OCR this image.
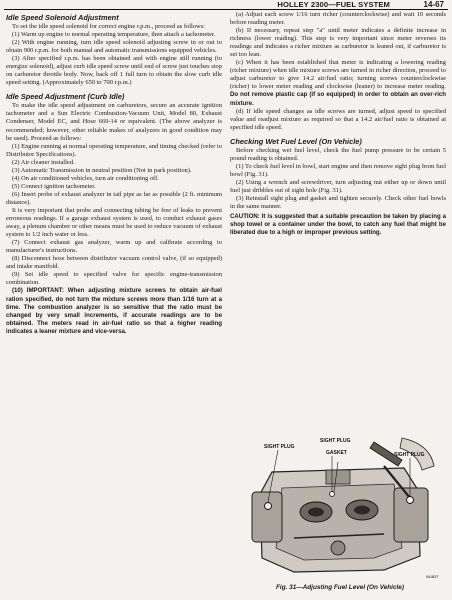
HOLLEY 2300—FUEL SYSTEM	14-67
Idle Speed Solenoid Adjustment

To set the idle speed solenoid for correct engine r.p.m., proceed as follows:

(1) Warm up engine to normal operating temperature, then attach a tachometer.

(2) With engine running, turn idle speed solenoid adjusting screw in or out to obtain 900 r.p.m. for both manual and automatic transmissions equipped vehicles.

(3) After specified r.p.m. has been obtained and with engine still running (to energize solenoid), adjust curb idle speed screw until end of screw just touches stop on carburetor throttle body. Now, back off 1 full turn to obtain the slow curb idle speed setting. (Approximately 650 to 700 r.p.m.)

Idle Speed Adjustment (Curb Idle)

To make the idle speed adjustment on carburetors, secure an accurate ignition tachometer and a Sun Electric Combustion-Vacuum Unit, Model 80, Exhaust Condenser, Model EC, and Hose 669-14 or equivalent. (The above analyzer is recommended; however, other reliable makes of analyzers in good condition may be used). Proceed as follows:

(1) Engine running at normal operating temperature, and timing checked (refer to Distributor Specifications).

(2) Air cleaner installed.

(3) Automatic Transmission in neutral position (Not in park position).

(4) On air conditioned vehicles, turn air conditioning off.

(5) Connect ignition tachometer.

(6) Insert probe of exhaust analyzer in tail pipe as far as possible (2 ft. minimum distance).

It is very important that probe and connecting tubing be free of leaks to prevent erroneous readings. If a garage exhaust system is used, to conduct exhaust gases away, a plenum chamber or other means must be used to reduce vacuum of exhaust system to 1/2 inch water or less.

(7) Connect exhaust gas analyzer, warm up and calibrate according to manufacturer's instructions.

(8) Disconnect hose between distributor vacuum control valve, (if so equipped) and intake manifold.

(9) Set idle speed to specified valve for specific engine-transmission combination.

(10) IMPORTANT: When adjusting mixture screws to obtain air-fuel ration specified, do not turn the mixture screws more than 1/16 turn at a time. The combustion analyzer is so sensitive that the ratio must be changed by very small increments, if accurate readings are to be obtained. The meters read in air-fuel ratio so that a higher reading indicates a leaner mixture and vice-versa.

(a) Adjust each screw 1/16 turn richer (counterclockwise) and wait 10 seconds before reading meter.

(b) If necessary, repeat step "a" until meter indicates a definite increase in richness (lower reading). This step is very important since meter reverses its readings and indicates a richer mixture as carburetor is leaned out, if carburetor is set too lean.

(c) When it has been established that meter is indicating a lowering reading (richer mixture) when idle mixture screws are turned in richer direction, proceed to adjust carburetor to give 14.2 air/fuel ratio; turning screws counterclockwise (richer) to lower meter reading and clockwise (leaner) to increase meter reading. Do not remove plastic cap (if so equipped) in order to obtain an over-rich mixture.

(d) If idle speed changes as idle screws are turned, adjust speed to specified value and readjust mixture as required so that a 14.2 air/fuel ratio is obtained at specified idle speed.

Checking Wet Fuel Level (On Vehicle)

Before checking wet fuel level, check the fuel pump pressure to be certain 5 pound reading is obtained.

(1) To check fuel level in bowl, start engine and then remove sight plug from fuel bowl (Fig. 31).

(2) Using a wrench and screwdriver, turn adjusting nut either up or down until fuel just dribbles out of sight hole (Fig. 31).

(3) Reinstall sight plug and gasket and tighten securely. Check other fuel bowls in the same manner.

CAUTION: It is suggested that a suitable precaution be taken by placing a shop towel or a container under the bowl, to catch any fuel that might be liberated due to a high or improper previous setting.

SIGHT PLUG
SIGHT PLUG
GASKET	SIGHT PLUG
NU837
Fig. 31—Adjusting Fuel Level (On Vehicle)
